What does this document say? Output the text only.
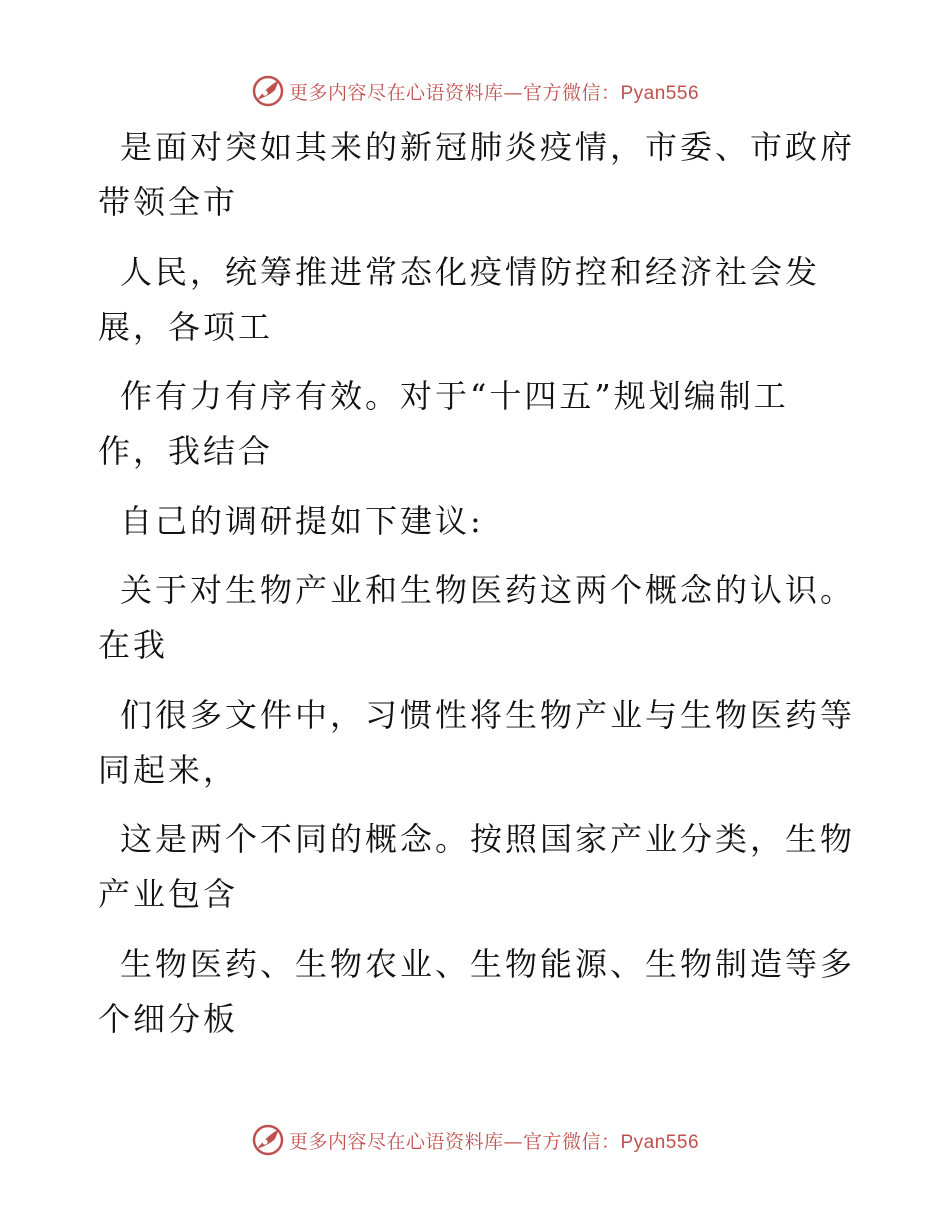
更多内容尽在心语资料库—官方微信：Pyan556

是面对突如其来的新冠肺炎疫情，市委、市政府
带领全市

人民，统筹推进常态化疫情防控和经济社会发
展，各项工

作有力有序有效。对于“十四五”规划编制工
作，我结合

自己的调研提如下建议:

关于对生物产业和生物医药这两个概念的认识。
在我

们很多文件中，习惯性将生物产业与生物医药等
同起来，

这是两个不同的概念。按照国家产业分类，生物
产业包含

生物医药、生物农业、生物能源、生物制造等多
个细分板

更多内容尽在心语资料库—官方微信：Pyan556
